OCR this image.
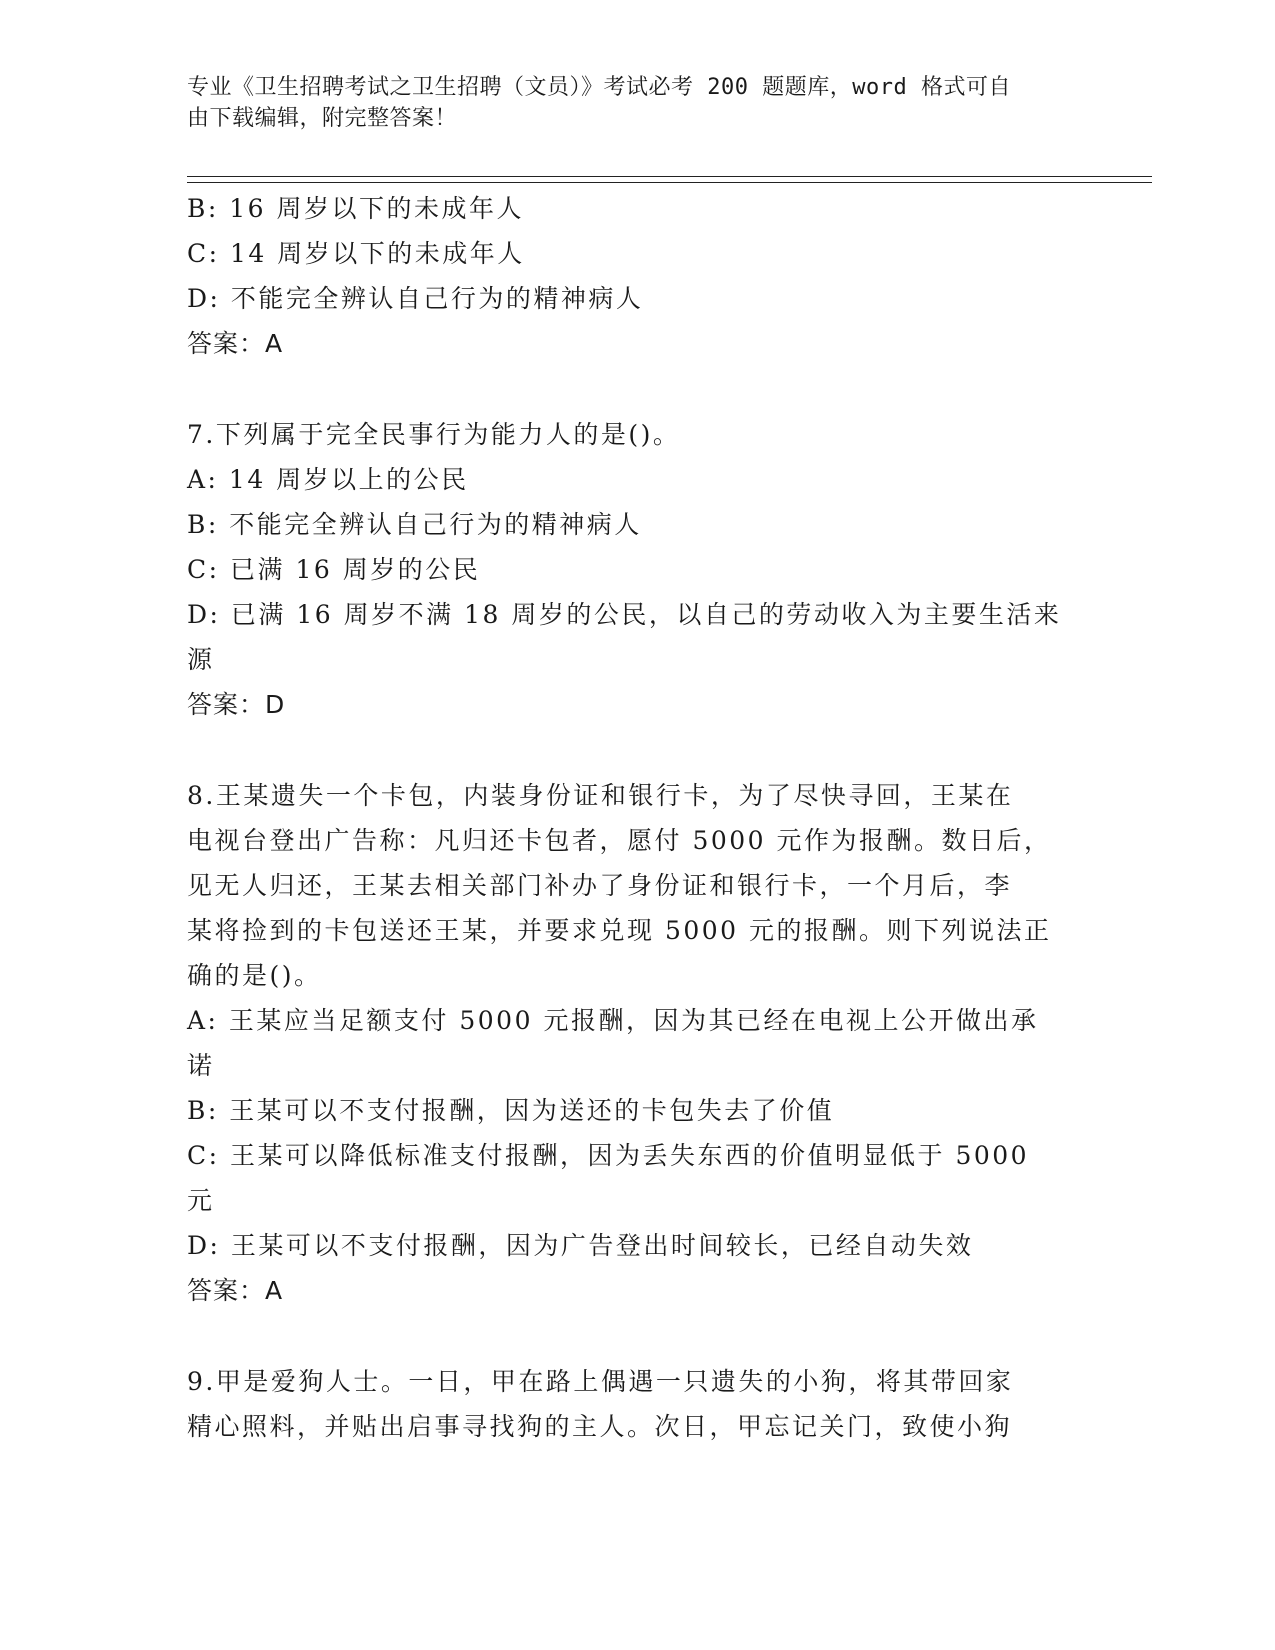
专业《卫生招聘考试之卫生招聘（文员）》考试必考 200 题题库，word 格式可自
由下载编辑，附完整答案！
B: 16 周岁以下的未成年人
C: 14 周岁以下的未成年人
D: 不能完全辨认自己行为的精神病人
答案：A
7.下列属于完全民事行为能力人的是()。
A: 14 周岁以上的公民
B: 不能完全辨认自己行为的精神病人
C: 已满 16 周岁的公民
D: 已满 16 周岁不满 18 周岁的公民，以自己的劳动收入为主要生活来
源
答案：D
8.王某遗失一个卡包，内装身份证和银行卡，为了尽快寻回，王某在
电视台登出广告称：凡归还卡包者，愿付 5000 元作为报酬。数日后，
见无人归还，王某去相关部门补办了身份证和银行卡，一个月后，李
某将捡到的卡包送还王某，并要求兑现 5000 元的报酬。则下列说法正
确的是()。
A: 王某应当足额支付 5000 元报酬，因为其已经在电视上公开做出承
诺
B: 王某可以不支付报酬，因为送还的卡包失去了价值
C: 王某可以降低标准支付报酬，因为丢失东西的价值明显低于 5000
元
D: 王某可以不支付报酬，因为广告登出时间较长，已经自动失效
答案：A
9.甲是爱狗人士。一日，甲在路上偶遇一只遗失的小狗，将其带回家
精心照料，并贴出启事寻找狗的主人。次日，甲忘记关门，致使小狗
